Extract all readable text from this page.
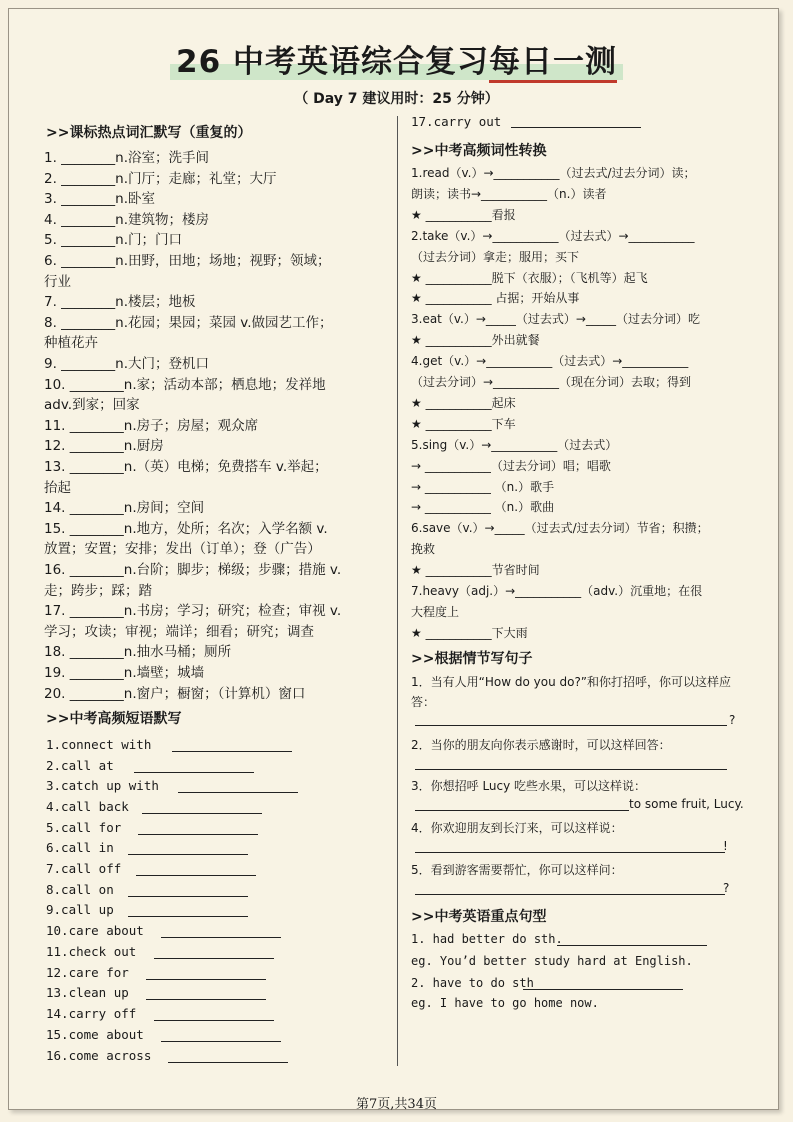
26 中考英语综合复习每日一测
（ Day 7 建议用时：25 分钟）
>>课标热点词汇默写（重复的）
1. ________n.浴室；洗手间
2. ________n.门厅；走廊；礼堂；大厅
3. ________n.卧室
4. ________n.建筑物；楼房
5. ________n.门；门口
6. ________n.田野，田地；场地；视野；领域；
行业
7. ________n.楼层；地板
8. ________n.花园；果园；菜园 v.做园艺工作；
种植花卉
9. ________n.大门；登机口
10. ________n.家；活动本部；栖息地；发祥地
adv.到家；回家
11. ________n.房子；房屋；观众席
12. ________n.厨房
13. ________n.（英）电梯；免费搭车 v.举起；
抬起
14. ________n.房间；空间
15. ________n.地方，处所；名次；入学名额 v.
放置；安置；安排；发出（订单）；登（广告）
16. ________n.台阶；脚步；梯级；步骤；措施 v.
走；跨步；踩；踏
17. ________n.书房；学习；研究；检查；审视 v.
学习；攻读；审视；端详；细看；研究；调查
18. ________n.抽水马桶；厕所
19. ________n.墙壁；城墙
20. ________n.窗户；橱窗；（计算机）窗口
>>中考高频短语默写
1.connect with
2.call at
3.catch up with
4.call back
5.call for
6.call in
7.call off
8.call on
9.call up
10.care about
11.check out
12.care for
13.clean up
14.carry off
15.come about
16.come across
17.carry out
>>中考高频词性转换
1.read（v.）→___________（过去式/过去分词）读；
朗读；读书→___________（n.）读者
★ ___________看报
2.take（v.）→___________（过去式）→___________
（过去分词）拿走；服用；买下
★ ___________脱下（衣服）；（飞机等）起飞
★ ___________ 占据；开始从事
3.eat（v.）→_____（过去式）→_____（过去分词）吃
★ ___________外出就餐
4.get（v.）→___________（过去式）→___________
（过去分词）→___________（现在分词）去取；得到
★ ___________起床
★ ___________下车
5.sing（v.）→___________（过去式）
→ ___________（过去分词）唱；唱歌
→ ___________ （n.）歌手
→ ___________ （n.）歌曲
6.save（v.）→_____（过去式/过去分词）节省；积攒；
挽救
★ ___________节省时间
7.heavy（adj.）→___________（adv.）沉重地；在很
大程度上
★ ___________下大雨
>>根据情节写句子
1．当有人用“How do you do?”和你打招呼，你可以这样应
答：
?
2．当你的朋友向你表示感谢时，可以这样回答：
3．你想招呼 Lucy 吃些水果，可以这样说：
to some fruit, Lucy.
4．你欢迎朋友到长汀来，可以这样说：
!
5．看到游客需要帮忙，你可以这样问：
?
>>中考英语重点句型
1. had better do sth.
eg. You’d better study hard at English.
2. have to do sth
eg. I have to go home now.
第7页,共34页
